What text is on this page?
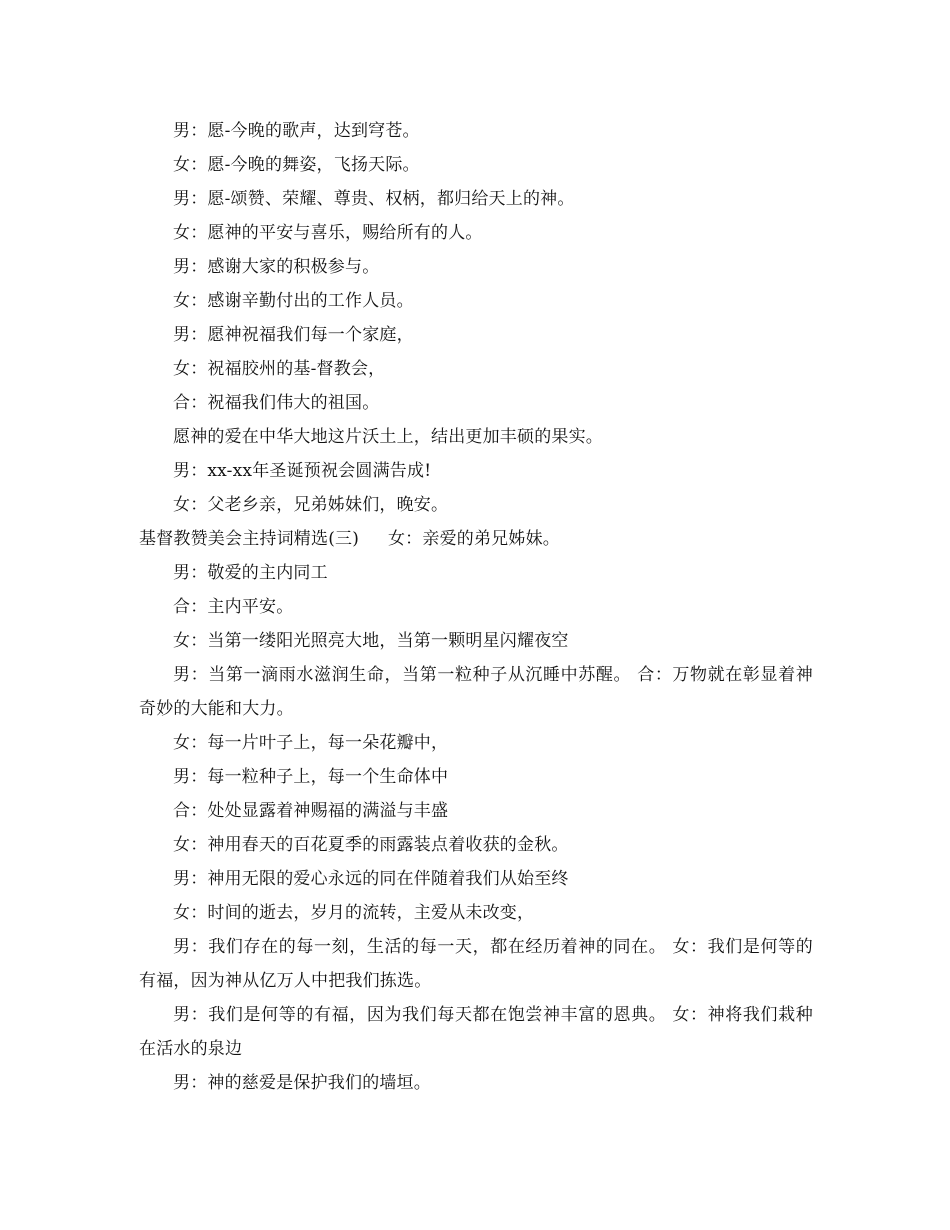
男：愿-今晚的歌声，达到穹苍。

女：愿-今晚的舞姿，飞扬天际。

男：愿-颂赞、荣耀、尊贵、权柄，都归给天上的神。

女：愿神的平安与喜乐，赐给所有的人。

男：感谢大家的积极参与。

女：感谢辛勤付出的工作人员。

男：愿神祝福我们每一个家庭，

女：祝福胶州的基-督教会，

合：祝福我们伟大的祖国。

愿神的爱在中华大地这片沃土上，结出更加丰硕的果实。

男：xx-xx年圣诞预祝会圆满告成!

女：父老乡亲，兄弟姊妹们，晚安。

基督教赞美会主持词精选(三) 女：亲爱的弟兄姊妹。

男：敬爱的主内同工

合：主内平安。

女：当第一缕阳光照亮大地，当第一颗明星闪耀夜空

男：当第一滴雨水滋润生命，当第一粒种子从沉睡中苏醒。 合：万物就在彰显着神奇妙的大能和大力。

女：每一片叶子上，每一朵花瓣中，

男：每一粒种子上，每一个生命体中

合：处处显露着神赐福的满溢与丰盛

女：神用春天的百花夏季的雨露装点着收获的金秋。

男：神用无限的爱心永远的同在伴随着我们从始至终

女：时间的逝去，岁月的流转，主爱从未改变，

男：我们存在的每一刻，生活的每一天，都在经历着神的同在。 女：我们是何等的有福，因为神从亿万人中把我们拣选。

男：我们是何等的有福，因为我们每天都在饱尝神丰富的恩典。 女：神将我们栽种在活水的泉边

男：神的慈爱是保护我们的墙垣。
